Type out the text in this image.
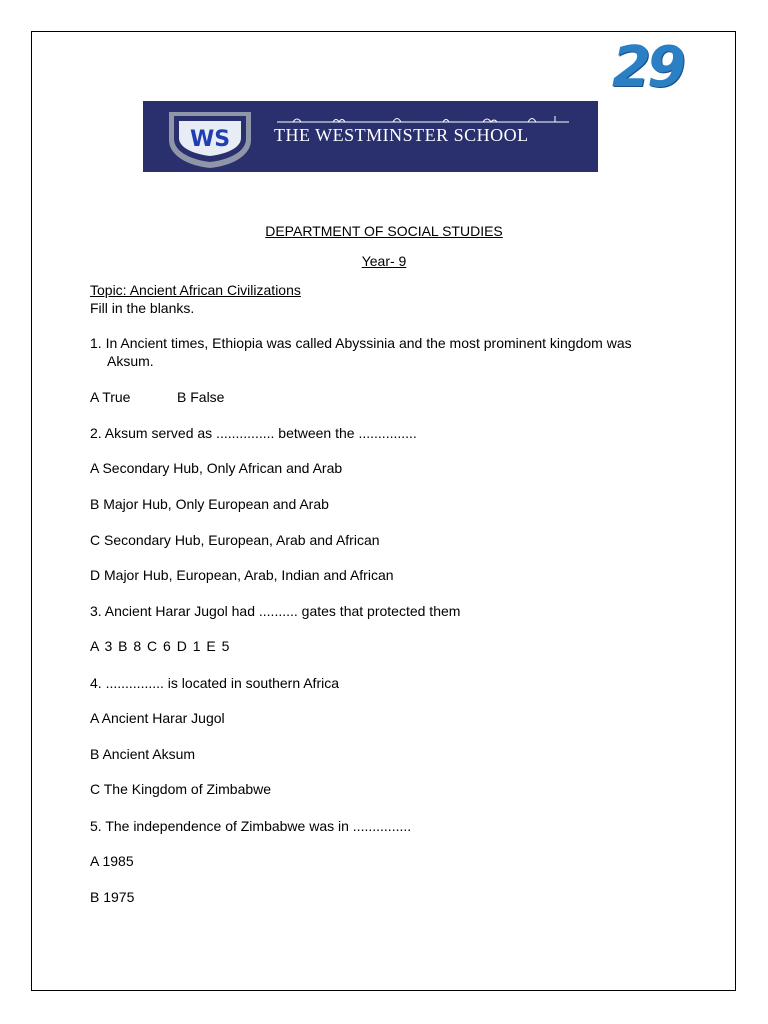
29
WS THE WESTMINSTER SCHOOL
DEPARTMENT OF SOCIAL STUDIES
Year- 9
Topic: Ancient African Civilizations
Fill in the blanks.
1. In Ancient times, Ethiopia was called Abyssinia and the most prominent kingdom was
Aksum.
A True	B False
2. Aksum served as ............... between the ...............
A Secondary Hub, Only African and Arab
B Major Hub, Only European and Arab
C Secondary Hub, European, Arab and African
D Major Hub, European, Arab, Indian and African
3. Ancient Harar Jugol had .......... gates that protected them
A 3 B 8 C 6 D 1 E 5
4. ............... is located in southern Africa
A Ancient Harar Jugol
B Ancient Aksum
C The Kingdom of Zimbabwe
5. The independence of Zimbabwe was in ...............
A 1985
B 1975
